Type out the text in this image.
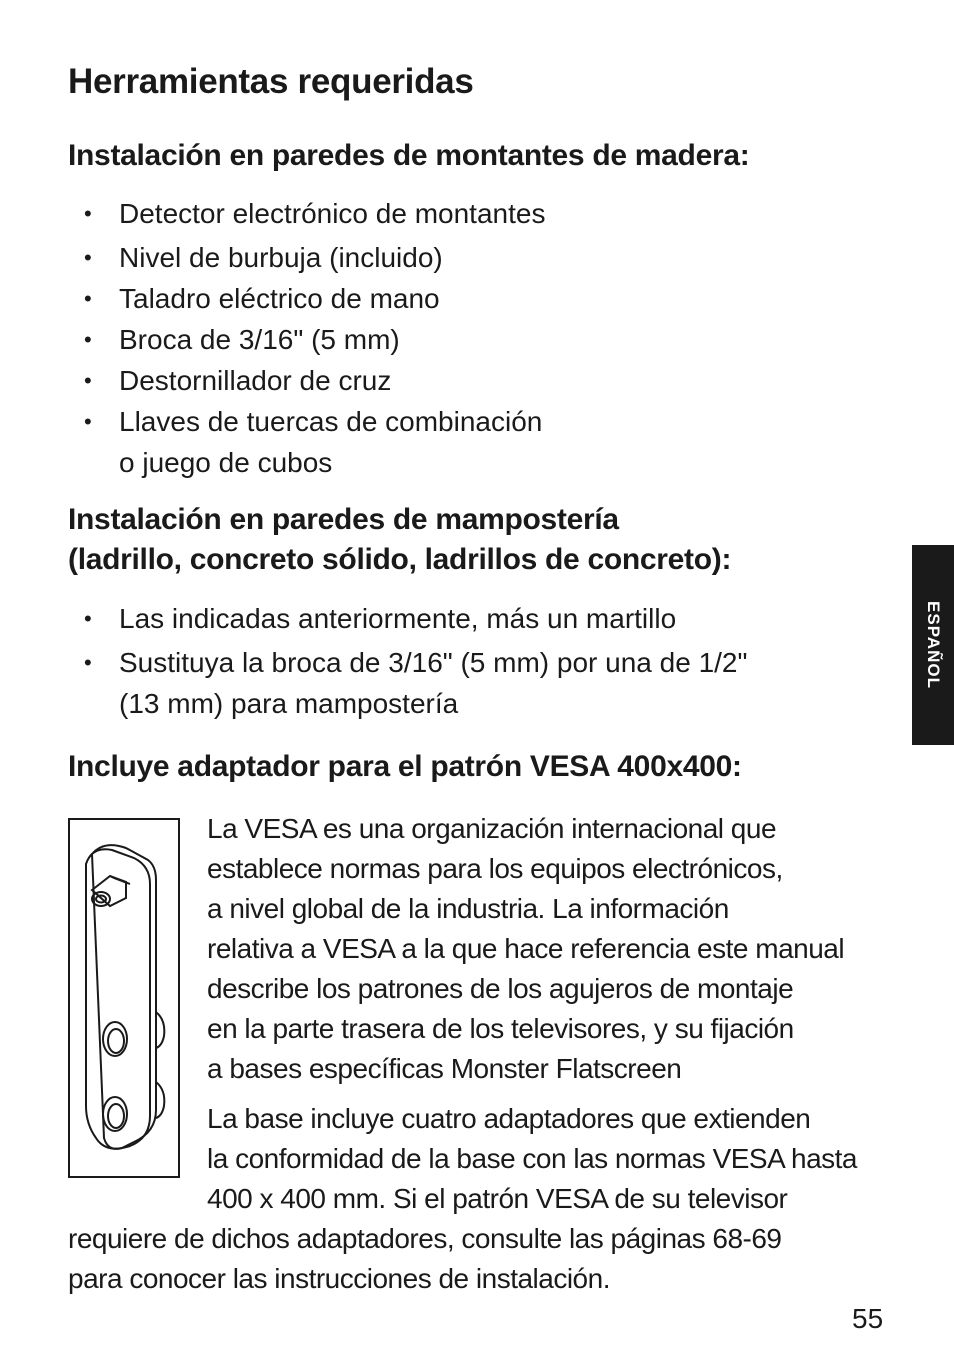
Herramientas requeridas
Instalación en paredes de montantes de madera:
• Detector electrónico de montantes
• Nivel de burbuja (incluido)
• Taladro eléctrico de mano
• Broca de 3/16" (5 mm)
• Destornillador de cruz
• Llaves de tuercas de combinación
o juego de cubos
Instalación en paredes de mampostería
(ladrillo, concreto sólido, ladrillos de concreto):
• Las indicadas anteriormente, más un martillo
• Sustituya la broca de 3/16" (5 mm) por una de 1/2"
(13 mm) para mampostería
ESPAÑOL
Incluye adaptador para el patrón VESA 400x400:

La VESA es una organización internacional que
establece normas para los equipos electrónicos,
a nivel global de la industria. La información
relativa a VESA a la que hace referencia este manual
describe los patrones de los agujeros de montaje
en la parte trasera de los televisores, y su fijación
a bases específicas Monster Flatscreen

La base incluye cuatro adaptadores que extienden
la conformidad de la base con las normas VESA hasta
400 x 400 mm. Si el patrón VESA de su televisor

requiere de dichos adaptadores, consulte las páginas 68-69
para conocer las instrucciones de instalación.

55
